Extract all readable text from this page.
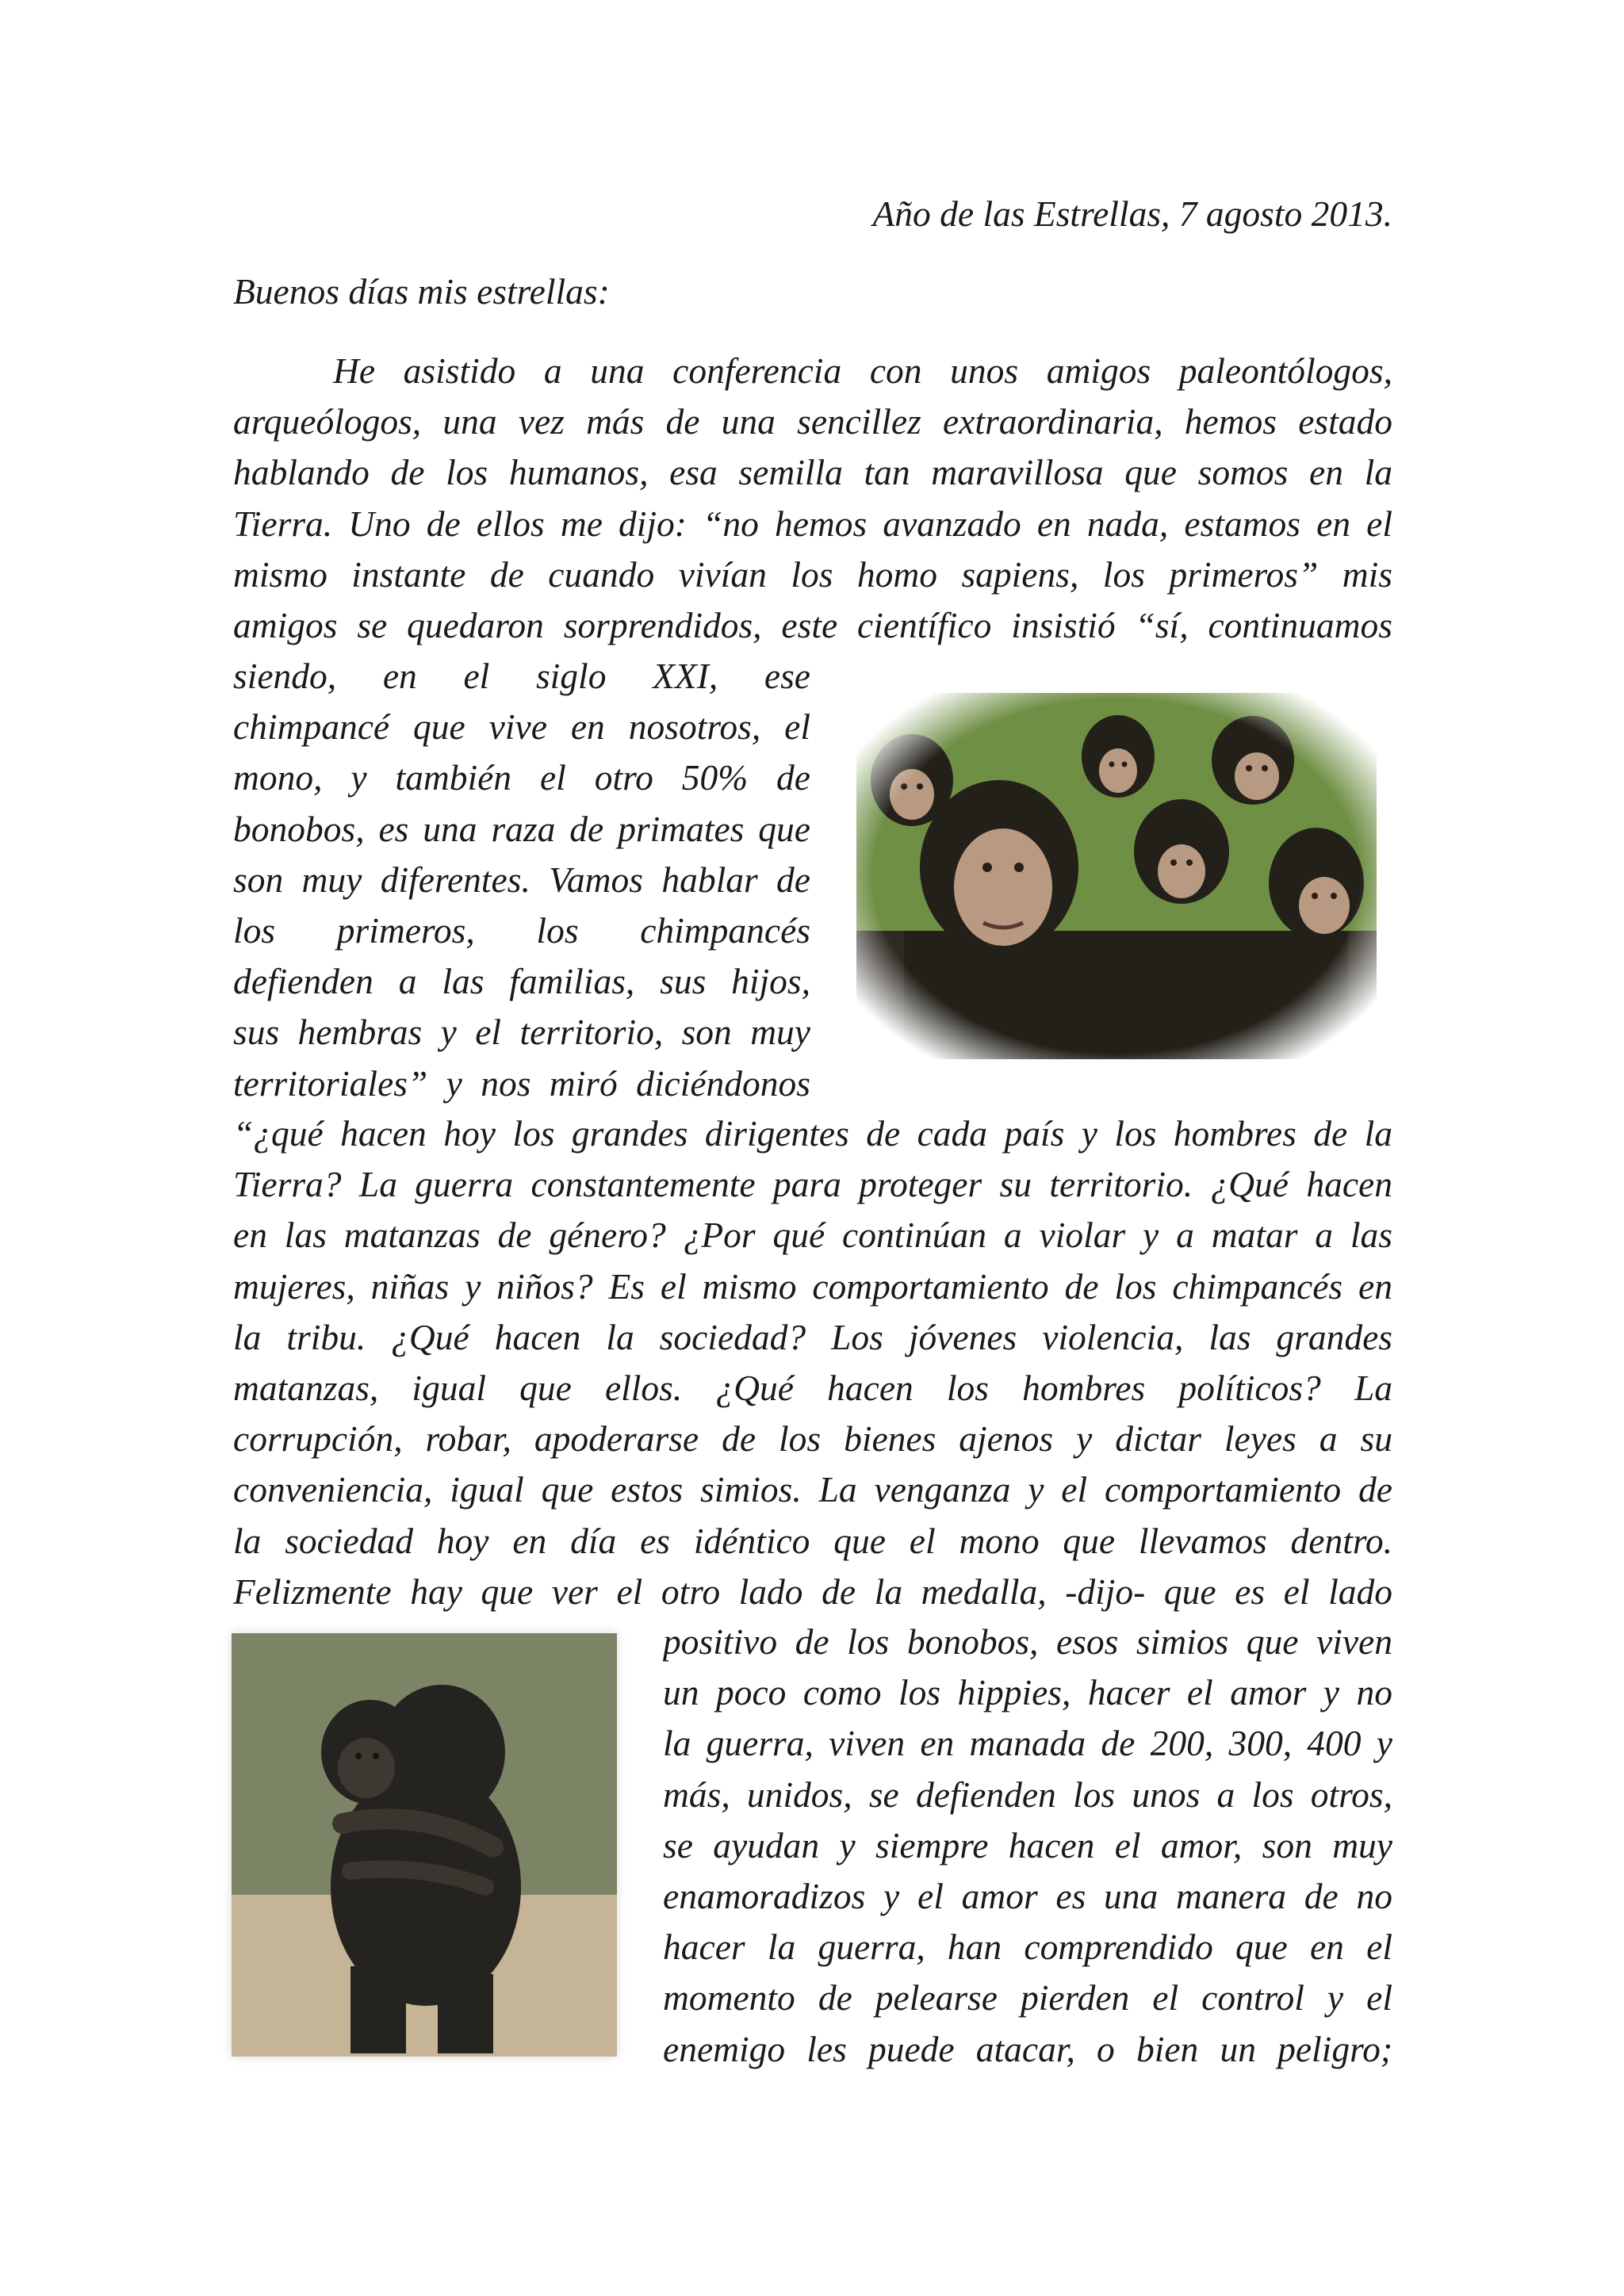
Año de las Estrellas, 7 agosto 2013.
Buenos días mis estrellas:
He asistido a una conferencia con unos amigos paleontólogos,
arqueólogos, una vez más de una sencillez extraordinaria, hemos estado
hablando de los humanos, esa semilla tan maravillosa que somos en la
Tierra. Uno de ellos me dijo: “no hemos avanzado en nada, estamos en el
mismo instante de cuando vivían los homo sapiens, los primeros” mis
amigos se quedaron sorprendidos, este científico insistió “sí, continuamos
siendo, en el siglo XXI, ese
chimpancé que vive en nosotros, el
mono, y también el otro 50% de
bonobos, es una raza de primates que
son muy diferentes. Vamos hablar de
los primeros, los chimpancés
defienden a las familias, sus hijos,
sus hembras y el territorio, son muy
territoriales” y nos miró diciéndonos
“¿qué hacen hoy los grandes dirigentes de cada país y los hombres de la
Tierra? La guerra constantemente para proteger su territorio. ¿Qué hacen
en las matanzas de género? ¿Por qué continúan a violar y a matar a las
mujeres, niñas y niños? Es el mismo comportamiento de los chimpancés en
la tribu. ¿Qué hacen la sociedad? Los jóvenes violencia, las grandes
matanzas, igual que ellos. ¿Qué hacen los hombres políticos? La
corrupción, robar, apoderarse de los bienes ajenos y dictar leyes a su
conveniencia, igual que estos simios. La venganza y el comportamiento de
la sociedad hoy en día es idéntico que el mono que llevamos dentro.
Felizmente hay que ver el otro lado de la medalla, -dijo- que es el lado
positivo de los bonobos, esos simios que viven
un poco como los hippies, hacer el amor y no
la guerra, viven en manada de 200, 300, 400 y
más, unidos, se defienden los unos a los otros,
se ayudan y siempre hacen el amor, son muy
enamoradizos y el amor es una manera de no
hacer la guerra, han comprendido que en el
momento de pelearse pierden el control y el
enemigo les puede atacar, o bien un peligro;
